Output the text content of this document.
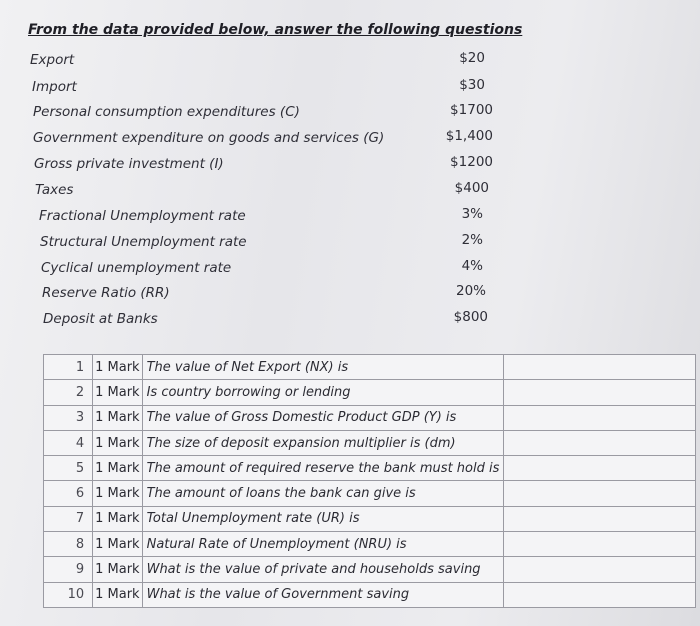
From the data provided below, answer the following questions
Export	$20
Import	$30
Personal consumption expenditures (C)	$1700
Government expenditure on goods and services (G)	$1,400
Gross private investment (I)	$1200
Taxes	$400
Fractional Unemployment rate	3%
Structural Unemployment rate	2%
Cyclical unemployment rate	4%
Reserve Ratio (RR)	20%
Deposit at Banks	$800
1	1 Mark	The value of Net Export (NX) is	
2	1 Mark	Is country borrowing or lending	
3	1 Mark	The value of Gross Domestic Product GDP (Y) is	
4	1 Mark	The size of deposit expansion multiplier is (dm)	
5	1 Mark	The amount of required reserve the bank must hold is	
6	1 Mark	The amount of loans the bank can give is	
7	1 Mark	Total Unemployment rate (UR) is	
8	1 Mark	Natural Rate of Unemployment (NRU) is	
9	1 Mark	What is the value of private and households saving	
10	1 Mark	What is the value of Government saving	
